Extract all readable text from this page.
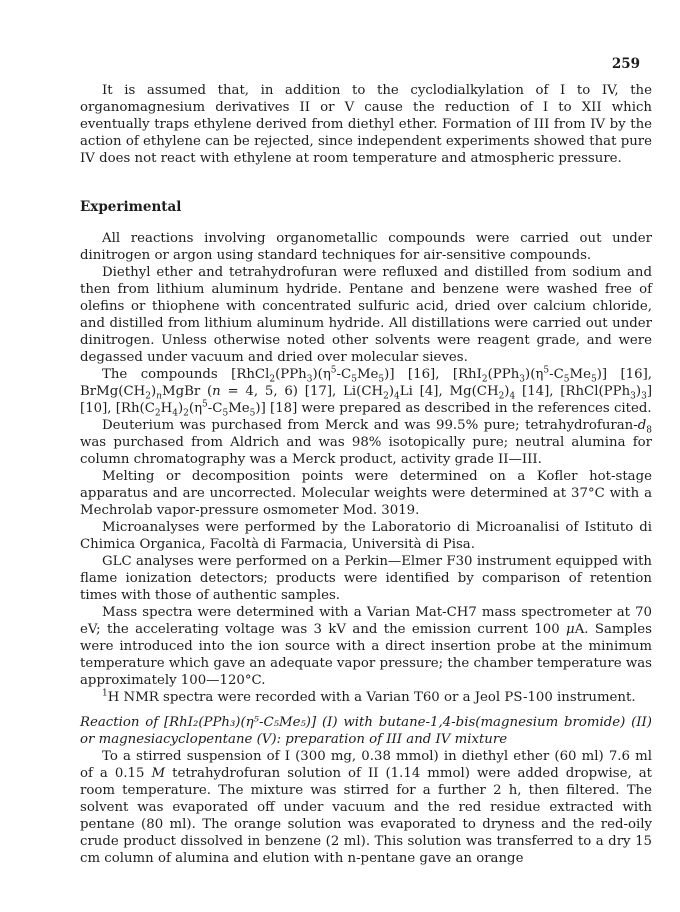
259

It is assumed that, in addition to the cyclodialkylation of I to IV, the organomagnesium derivatives II or V cause the reduction of I to XII which eventually traps ethylene derived from diethyl ether. Formation of III from IV by the action of ethylene can be rejected, since independent experiments showed that pure IV does not react with ethylene at room temperature and atmospheric pressure.

Experimental

All reactions involving organometallic compounds were carried out under dinitrogen or argon using standard techniques for air-sensitive compounds.

Diethyl ether and tetrahydrofuran were refluxed and distilled from sodium and then from lithium aluminum hydride. Pentane and benzene were washed free of olefins or thiophene with concentrated sulfuric acid, dried over calcium chloride, and distilled from lithium aluminum hydride. All distillations were carried out under dinitrogen. Unless otherwise noted other solvents were reagent grade, and were degassed under vacuum and dried over molecular sieves.

The compounds $[RhCl_2(PPh_3)(\eta^5-C_5Me_5)]$ [16], $[RhI_2(PPh_3)(\eta^5-C_5Me_5)]$ [16], $BrMg(CH_2)_nMgBr$ (n = 4, 5, 6) [17], $Li(CH_2)_4Li$ [4], $Mg(CH_2)_4$ [14], $[RhCl(PPh_3)_3]$ [10], $[Rh(C_2H_4)_2(\eta^5-C_5Me_5)]$ [18] were prepared as described in the references cited.

Deuterium was purchased from Merck and was 99.5% pure; tetrahydrofuran-$d_8$ was purchased from Aldrich and was 98% isotopically pure; neutral alumina for column chromatography was a Merck product, activity grade II—III.

Melting or decomposition points were determined on a Kofler hot-stage apparatus and are uncorrected. Molecular weights were determined at 37°C with a Mechrolab vapor-pressure osmometer Mod. 3019.

Microanalyses were performed by the Laboratorio di Microanalisi of Istituto di Chimica Organica, Facoltà di Farmacia, Università di Pisa.

GLC analyses were performed on a Perkin—Elmer F30 instrument equipped with flame ionization detectors; products were identified by comparison of retention times with those of authentic samples.

Mass spectra were determined with a Varian Mat-CH7 mass spectrometer at 70 eV; the accelerating voltage was 3 kV and the emission current 100 μA. Samples were introduced into the ion source with a direct insertion probe at the minimum temperature which gave an adequate vapor pressure; the chamber temperature was approximately 100—120°C.

$^1$H NMR spectra were recorded with a Varian T60 or a Jeol PS-100 instrument.

Reaction of [RhI₂(PPh₃)(η⁵-C₅Me₅)] (I) with butane-1,4-bis(magnesium bromide) (II) or magnesiacyclopentane (V): preparation of III and IV mixture

To a stirred suspension of I (300 mg, 0.38 mmol) in diethyl ether (60 ml) 7.6 ml of a 0.15 M tetrahydrofuran solution of II (1.14 mmol) were added dropwise, at room temperature. The mixture was stirred for a further 2 h, then filtered. The solvent was evaporated off under vacuum and the red residue extracted with pentane (80 ml). The orange solution was evaporated to dryness and the red-oily crude product dissolved in benzene (2 ml). This solution was transferred to a dry 15 cm column of alumina and elution with n-pentane gave an orange
